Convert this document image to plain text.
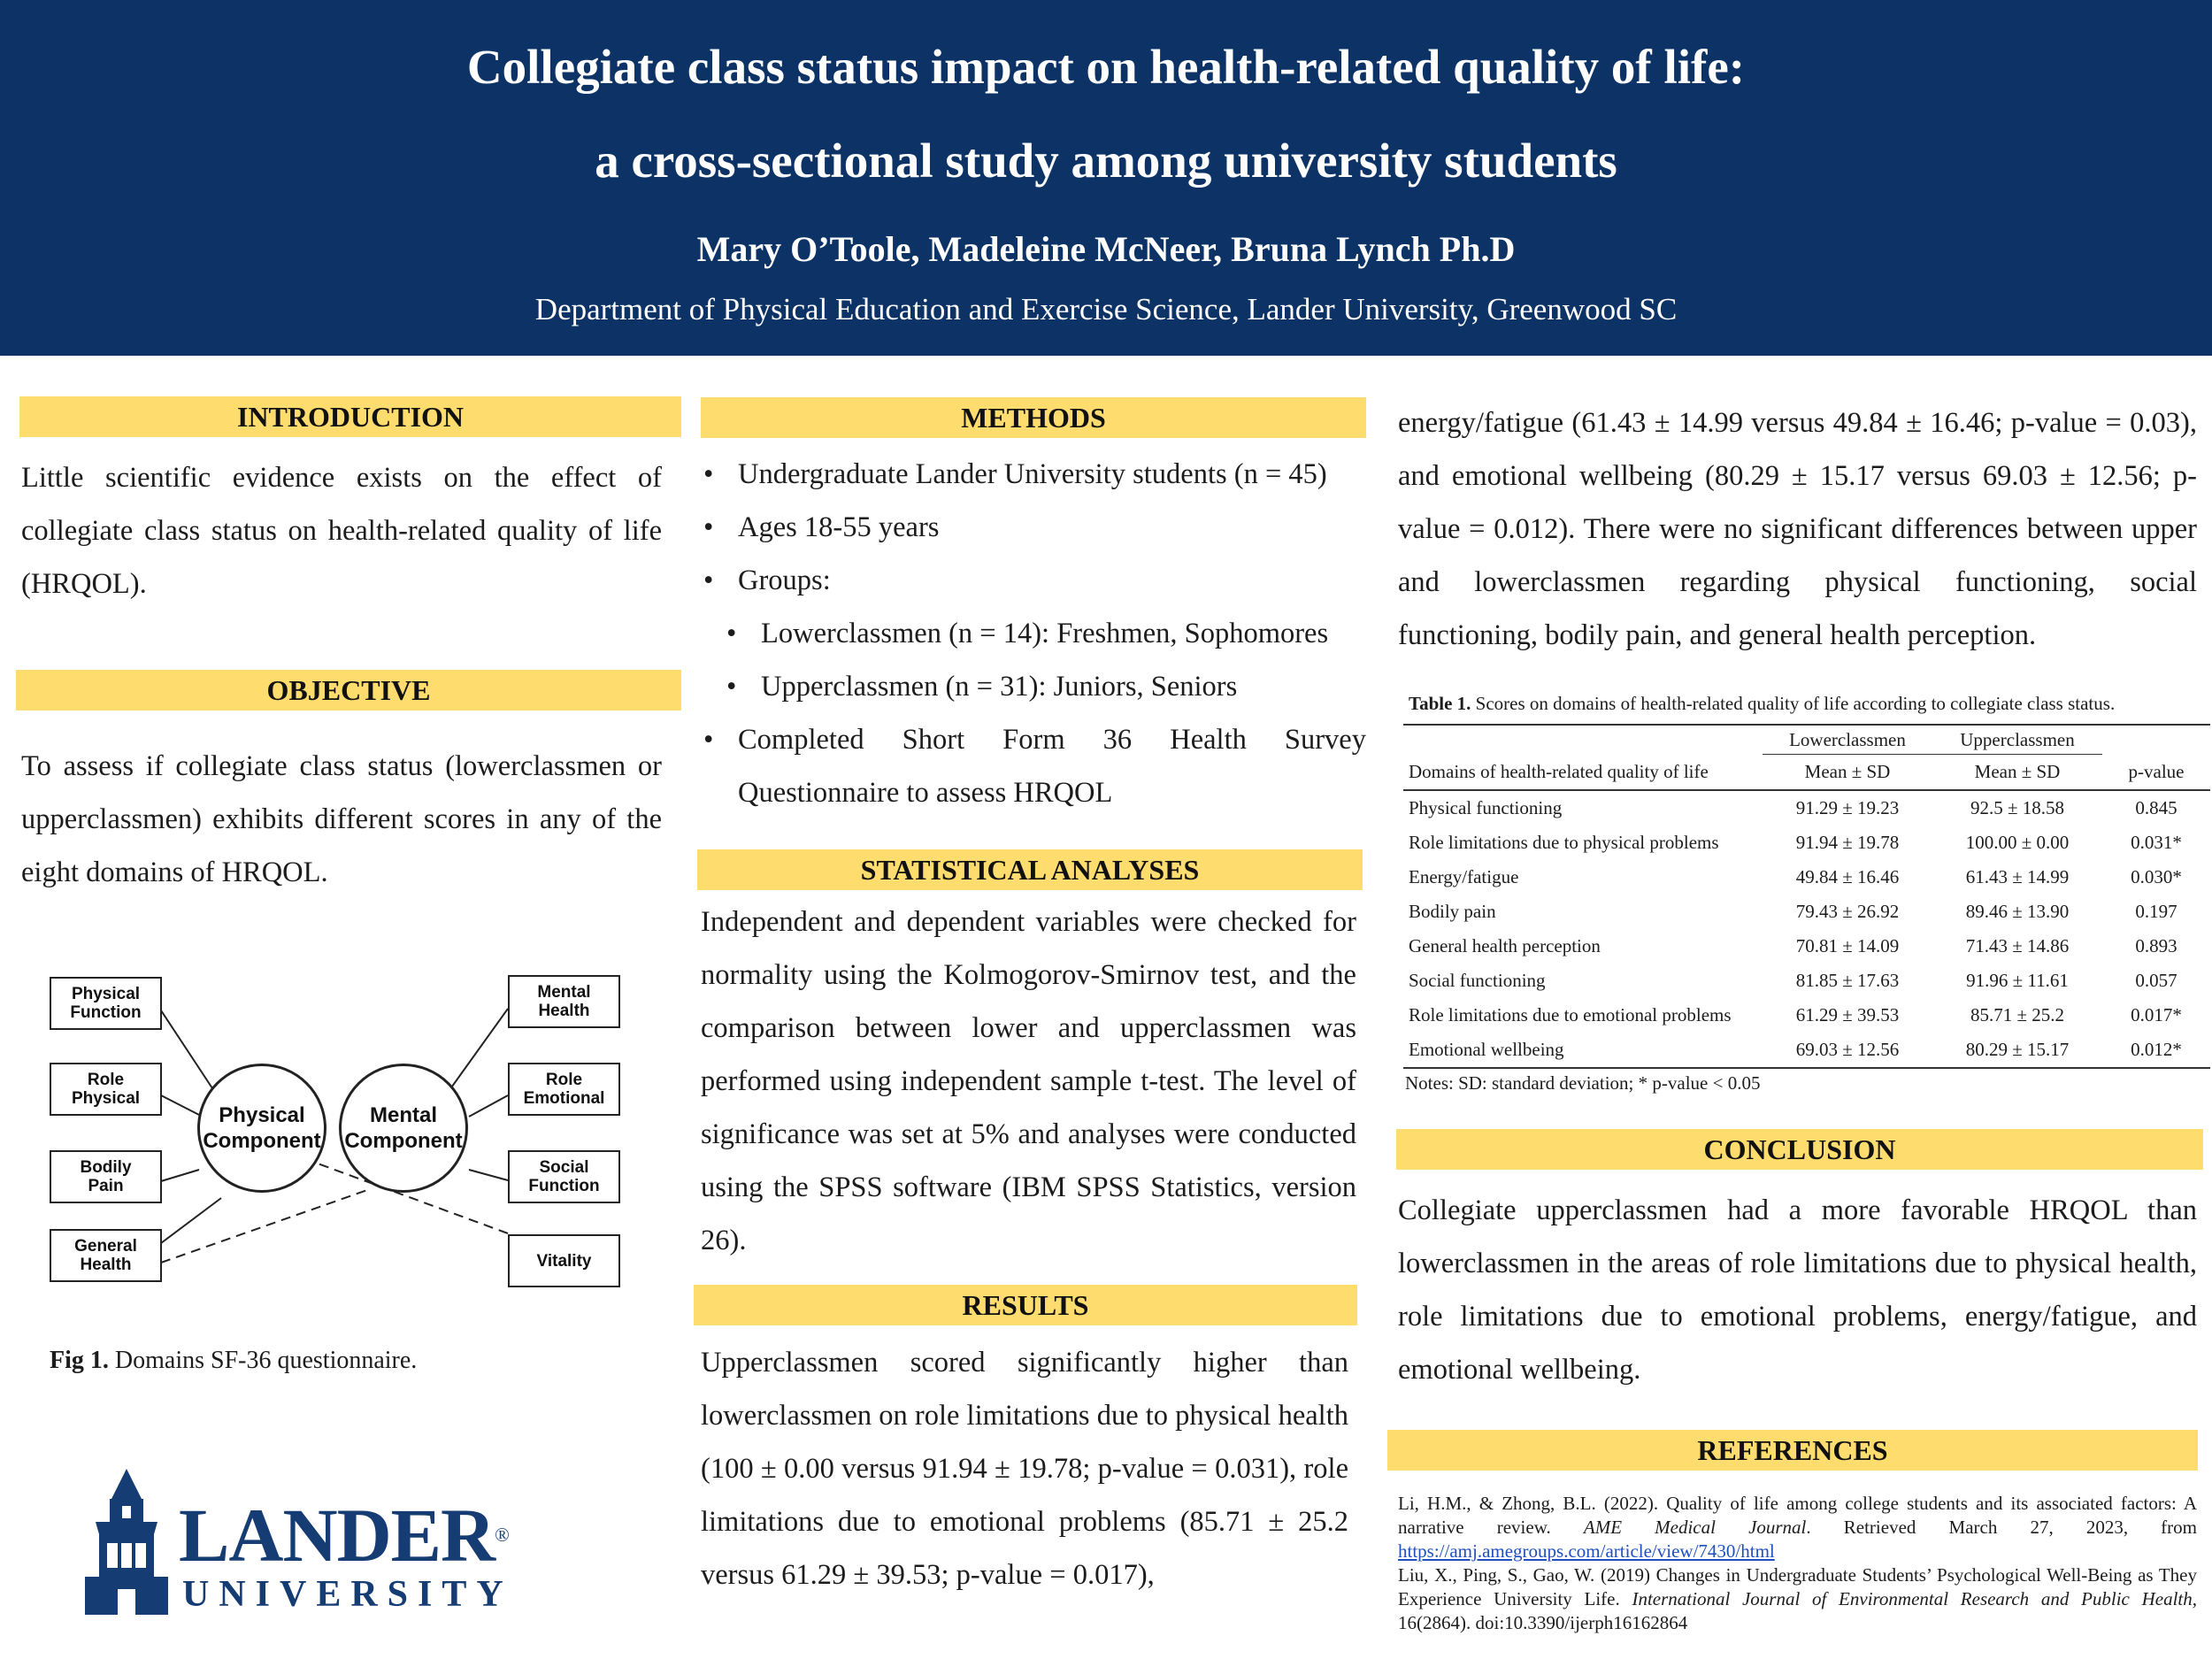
Collegiate class status impact on health-related quality of life:
a cross-sectional study among university students
Mary O’Toole, Madeleine McNeer, Bruna Lynch Ph.D
Department of Physical Education and Exercise Science, Lander University, Greenwood SC
INTRODUCTION
Little scientific evidence exists on the effect of collegiate class status on health-related quality of life (HRQOL).
OBJECTIVE
To assess if collegiate class status (lowerclassmen or upperclassmen) exhibits different scores in any of the eight domains of HRQOL.
Physical
Function
Role
Physical
Bodily
Pain
General
Health
Mental
Health
Role
Emotional
Social
Function
Vitality
Physical
Component
Mental
Component
Fig 1. Domains SF-36 questionnaire.
LANDER®
UNIVERSITY
METHODS
• Undergraduate Lander University students (n = 45)
• Ages 18-55 years
• Groups:
• Lowerclassmen (n = 14): Freshmen, Sophomores
• Upperclassmen (n = 31): Juniors, Seniors
• Completed Short Form 36 Health Survey
Questionnaire to assess HRQOL
STATISTICAL ANALYSES
Independent and dependent variables were checked for normality using the Kolmogorov-Smirnov test, and the comparison between lower and upperclassmen was performed using independent sample t-test. The level of significance was set at 5% and analyses were conducted using the SPSS software (IBM SPSS Statistics, version 26).
RESULTS
Upperclassmen scored significantly higher than lowerclassmen on role limitations due to physical health (100 ± 0.00 versus 91.94 ± 19.78; p-value = 0.031), role limitations due to emotional problems (85.71 ± 25.2 versus 61.29 ± 39.53; p-value = 0.017),
energy/fatigue (61.43 ± 14.99 versus 49.84 ± 16.46; p-value = 0.03), and emotional wellbeing (80.29 ± 15.17 versus 69.03 ± 12.56; p-value = 0.012). There were no significant differences between upper and lowerclassmen regarding physical functioning, social functioning, bodily pain, and general health perception.
Table 1. Scores on domains of health-related quality of life according to collegiate class status.
	Lowerclassmen	Upperclassmen	
Domains of health-related quality of life	Mean ± SD	Mean ± SD	p-value
Physical functioning	91.29 ± 19.23	92.5 ± 18.58	0.845
Role limitations due to physical problems	91.94 ± 19.78	100.00 ± 0.00	0.031*
Energy/fatigue	49.84 ± 16.46	61.43 ± 14.99	0.030*
Bodily pain	79.43 ± 26.92	89.46 ± 13.90	0.197
General health perception	70.81 ± 14.09	71.43 ± 14.86	0.893
Social functioning	81.85 ± 17.63	91.96 ± 11.61	0.057
Role limitations due to emotional problems	61.29 ± 39.53	85.71 ± 25.2	0.017*
Emotional wellbeing	69.03 ± 12.56	80.29 ± 15.17	0.012*
Notes: SD: standard deviation; * p-value < 0.05
CONCLUSION
Collegiate upperclassmen had a more favorable HRQOL than lowerclassmen in the areas of role limitations due to physical health, role limitations due to emotional problems, energy/fatigue, and emotional wellbeing.
REFERENCES
Li, H.M., & Zhong, B.L. (2022). Quality of life among college students and its associated factors: A narrative review. AME Medical Journal. Retrieved March 27, 2023, from https://amj.amegroups.com/article/view/7430/html
Liu, X., Ping, S., Gao, W. (2019) Changes in Undergraduate Students’ Psychological Well-Being as They Experience University Life. International Journal of Environmental Research and Public Health, 16(2864). doi:10.3390/ijerph16162864
